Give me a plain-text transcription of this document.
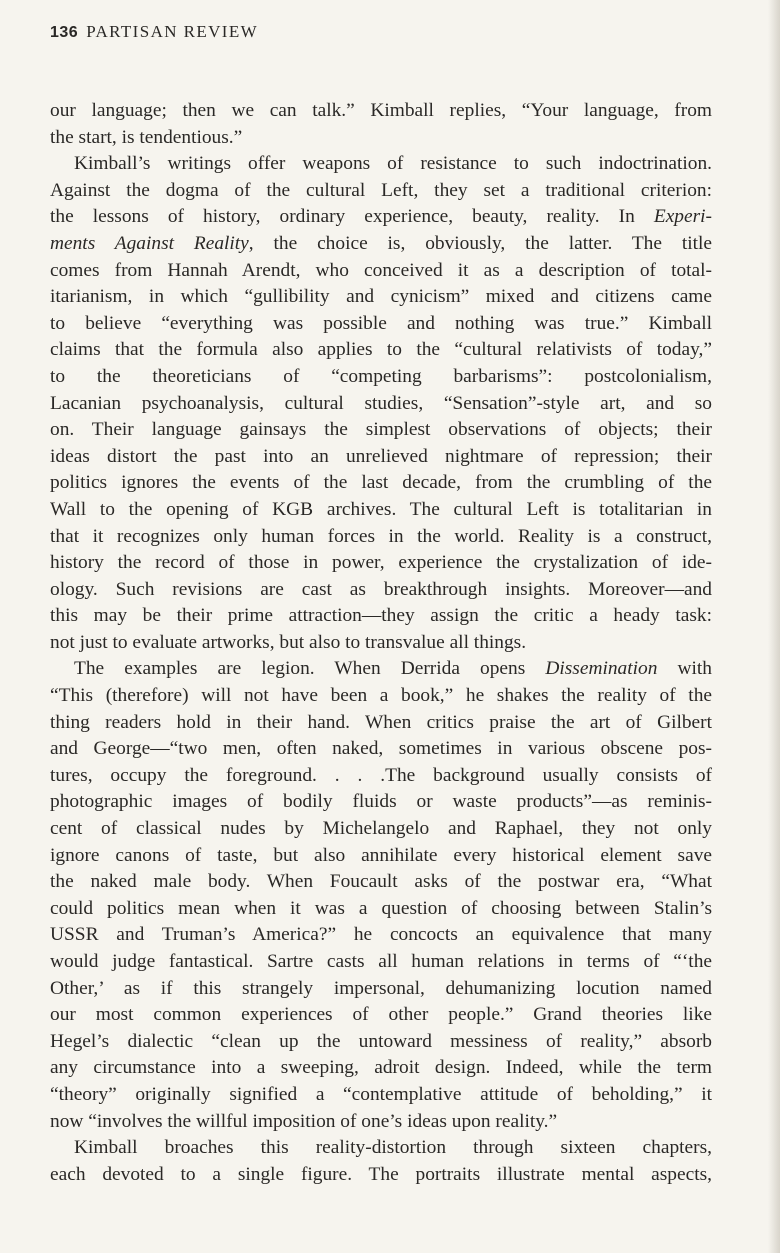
136 PARTISAN REVIEW
our language; then we can talk.” Kimball replies, “Your language, from
the start, is tendentious.”
Kimball’s writings offer weapons of resistance to such indoctrination.
Against the dogma of the cultural Left, they set a traditional criterion:
the lessons of history, ordinary experience, beauty, reality. In Experi-
ments Against Reality, the choice is, obviously, the latter. The title
comes from Hannah Arendt, who conceived it as a description of total-
itarianism, in which “gullibility and cynicism” mixed and citizens came
to believe “everything was possible and nothing was true.” Kimball
claims that the formula also applies to the “cultural relativists of today,”
to the theoreticians of “competing barbarisms”: postcolonialism,
Lacanian psychoanalysis, cultural studies, “Sensation”-style art, and so
on. Their language gainsays the simplest observations of objects; their
ideas distort the past into an unrelieved nightmare of repression; their
politics ignores the events of the last decade, from the crumbling of the
Wall to the opening of KGB archives. The cultural Left is totalitarian in
that it recognizes only human forces in the world. Reality is a construct,
history the record of those in power, experience the crystalization of ide-
ology. Such revisions are cast as breakthrough insights. Moreover—and
this may be their prime attraction—they assign the critic a heady task:
not just to evaluate artworks, but also to transvalue all things.
The examples are legion. When Derrida opens Dissemination with
“This (therefore) will not have been a book,” he shakes the reality of the
thing readers hold in their hand. When critics praise the art of Gilbert
and George—“two men, often naked, sometimes in various obscene pos-
tures, occupy the foreground. . . .The background usually consists of
photographic images of bodily fluids or waste products”—as reminis-
cent of classical nudes by Michelangelo and Raphael, they not only
ignore canons of taste, but also annihilate every historical element save
the naked male body. When Foucault asks of the postwar era, “What
could politics mean when it was a question of choosing between Stalin’s
USSR and Truman’s America?” he concocts an equivalence that many
would judge fantastical. Sartre casts all human relations in terms of “‘the
Other,’ as if this strangely impersonal, dehumanizing locution named
our most common experiences of other people.” Grand theories like
Hegel’s dialectic “clean up the untoward messiness of reality,” absorb
any circumstance into a sweeping, adroit design. Indeed, while the term
“theory” originally signified a “contemplative attitude of beholding,” it
now “involves the willful imposition of one’s ideas upon reality.”
Kimball broaches this reality-distortion through sixteen chapters,
each devoted to a single figure. The portraits illustrate mental aspects,
